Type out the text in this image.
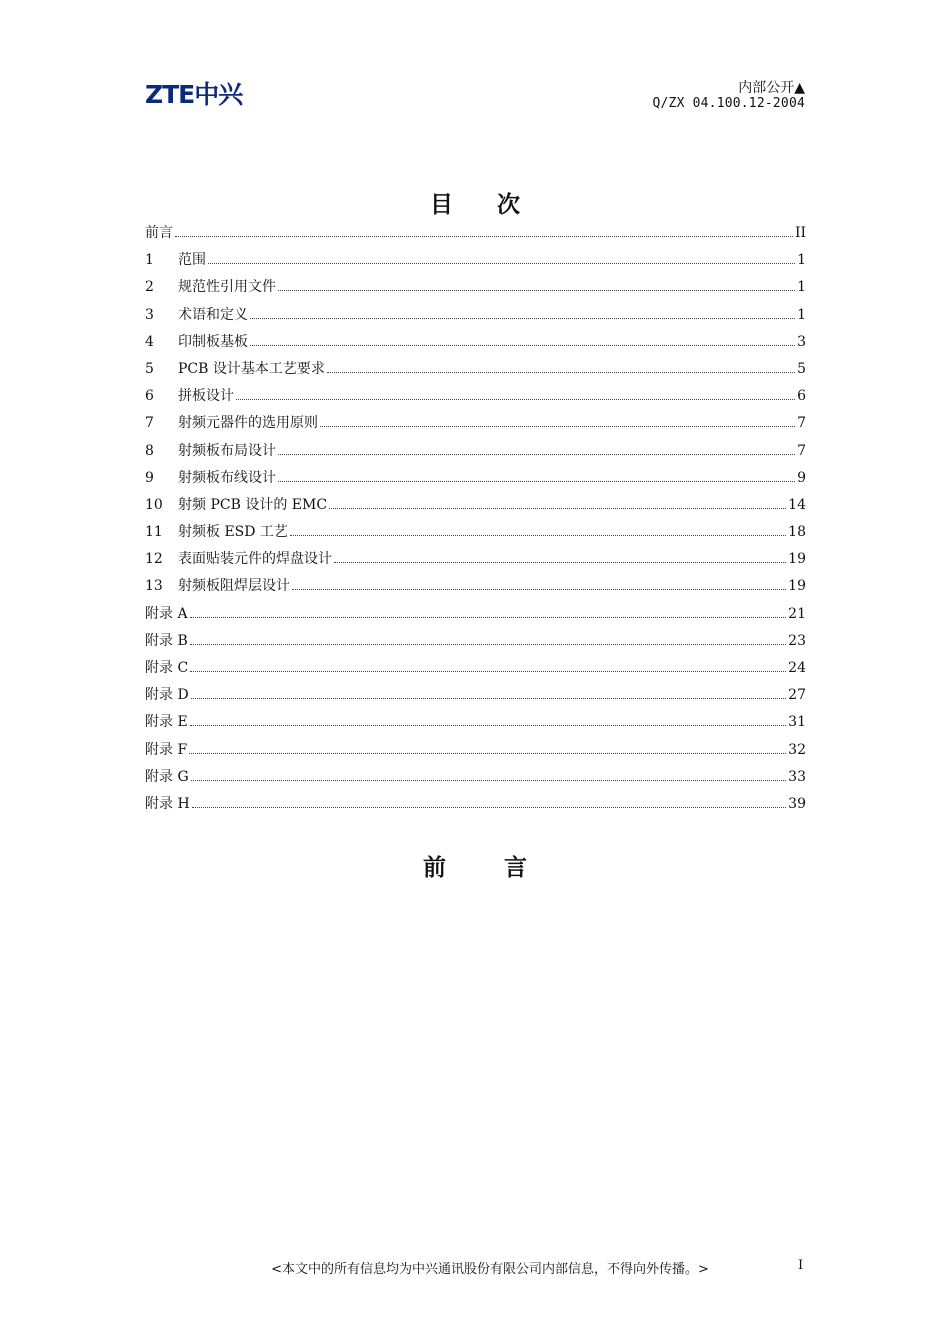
ZTE中兴	内部公开▲
Q/ZX 04.100.12-2004
目次
前言	II
1	范围	1
2	规范性引用文件	1
3	术语和定义	1
4	印制板基板	3
5	PCB 设计基本工艺要求	5
6	拼板设计	6
7	射频元器件的选用原则	7
8	射频板布局设计	7
9	射频板布线设计	9
10	射频 PCB 设计的 EMC	14
11	射频板 ESD 工艺	18
12	表面贴装元件的焊盘设计	19
13	射频板阻焊层设计	19
附录 A	21
附录 B	23
附录 C	24
附录 D	27
附录 E	31
附录 F	32
附录 G	33
附录 H	39
前言
<本文中的所有信息均为中兴通讯股份有限公司内部信息，不得向外传播。>	I
